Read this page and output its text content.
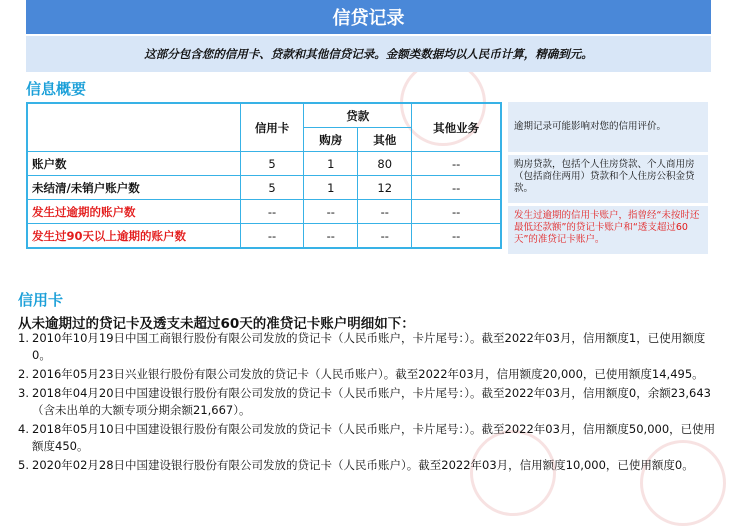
信贷记录
这部分包含您的信用卡、贷款和其他信贷记录。金额类数据均以人民币计算，精确到元。
信息概要
	信用卡	贷款		其他业务
		购房	其他	
账户数	5	1	80	--
未结清/未销户账户数	5	1	12	--
发生过逾期的账户数	--	--	--	--
发生过90天以上逾期的账户数	--	--	--	--
逾期记录可能影响对您的信用评价。
购房贷款，包括个人住房贷款、个人商用房（包括商住两用）贷款和个人住房公积金贷款。
发生过逾期的信用卡账户，指曾经“未按时还最低还款额”的贷记卡账户和“透支超过60天”的准贷记卡账户。
信用卡
从未逾期过的贷记卡及透支未超过60天的准贷记卡账户明细如下：
1. 2010年10月19日中国工商银行股份有限公司发放的贷记卡（人民币账户，卡片尾号：）。截至2022年03月，信用额度1，已使用额度0。
2. 2016年05月23日兴业银行股份有限公司发放的贷记卡（人民币账户）。截至2022年03月，信用额度20,000，已使用额度14,495。
3. 2018年04月20日中国建设银行股份有限公司发放的贷记卡（人民币账户，卡片尾号：）。截至2022年03月，信用额度0，余额23,643（含未出单的大额专项分期余额21,667）。
4. 2018年05月10日中国建设银行股份有限公司发放的贷记卡（人民币账户，卡片尾号：）。截至2022年03月，信用额度50,000，已使用额度450。
5. 2020年02月28日中国建设银行股份有限公司发放的贷记卡（人民币账户）。截至2022年03月，信用额度10,000，已使用额度0。
